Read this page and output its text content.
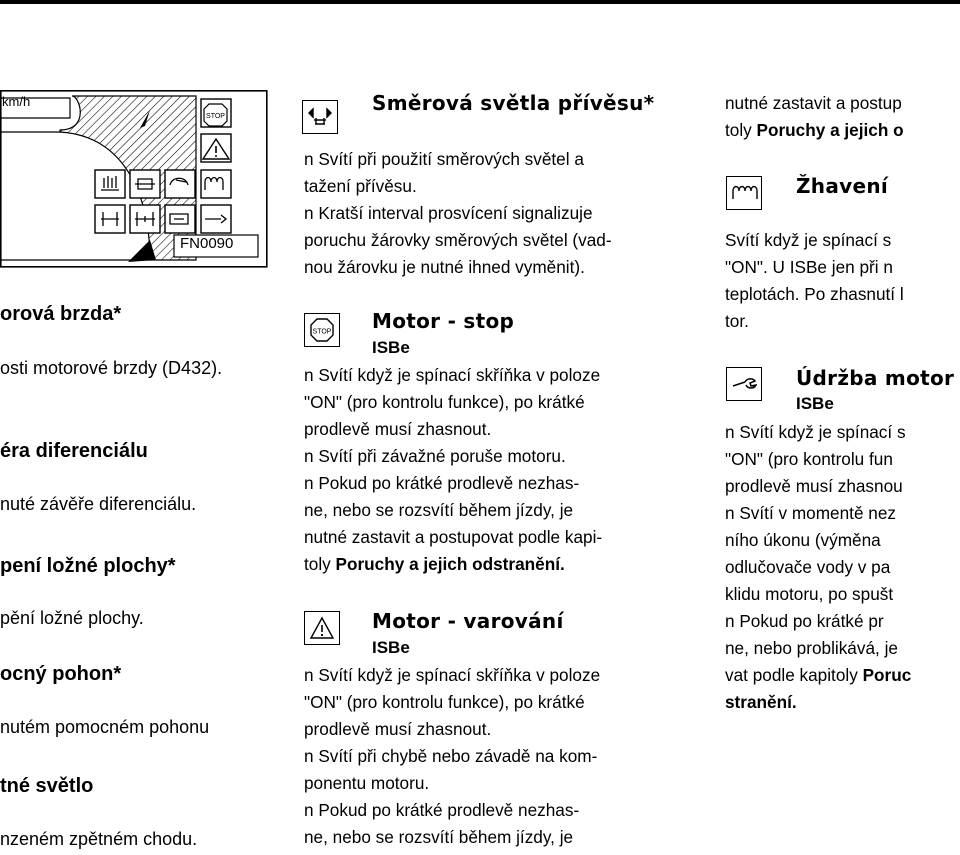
STOP
km/h
FN0090
orová brzda*
osti motorové brzdy (D432).
éra diferenciálu
nuté závěře diferenciálu.
pení ložné plochy*
pění ložné plochy.
ocný pohon*
nutém pomocném pohonu
tné světlo
nzeném zpětném chodu.
Směrová světla přívěsu*
n Svítí při použití směrových světel a
tažení přívěsu.
n Kratší interval prosvícení signalizuje
poruchu žárovky směrových světel (vad-
nou žárovku je nutné ihned vyměnit).
STOP Motor - stop
ISBe
n Svítí když je spínací skříňka v poloze
"ON" (pro kontrolu funkce), po krátké
prodlevě musí zhasnout.
n Svítí při závažné poruše motoru.
n Pokud po krátké prodlevě nezhas-
ne, nebo se rozsvítí během jízdy, je
nutné zastavit a postupovat podle kapi-
toly Poruchy a jejich odstranění.
Motor - varování
ISBe
n Svítí když je spínací skříňka v poloze
"ON" (pro kontrolu funkce), po krátké
prodlevě musí zhasnout.
n Svítí při chybě nebo závadě na kom-
ponentu motoru.
n Pokud po krátké prodlevě nezhas-
ne, nebo se rozsvítí během jízdy, je
nutné zastavit a postup
toly Poruchy a jejich o
Žhavení
Svítí když je spínací s
"ON". U ISBe jen při n
teplotách. Po zhasnutí l
tor.
Údržba motor
ISBe
n Svítí když je spínací s
"ON" (pro kontrolu fun
prodlevě musí zhasnou
n Svítí v momentě nez
ního úkonu (výměna
odlučovače vody v pa
klidu motoru, po spušt
n Pokud po krátké pr
ne, nebo problikává, je
vat podle kapitoly Poruc
stranění.
